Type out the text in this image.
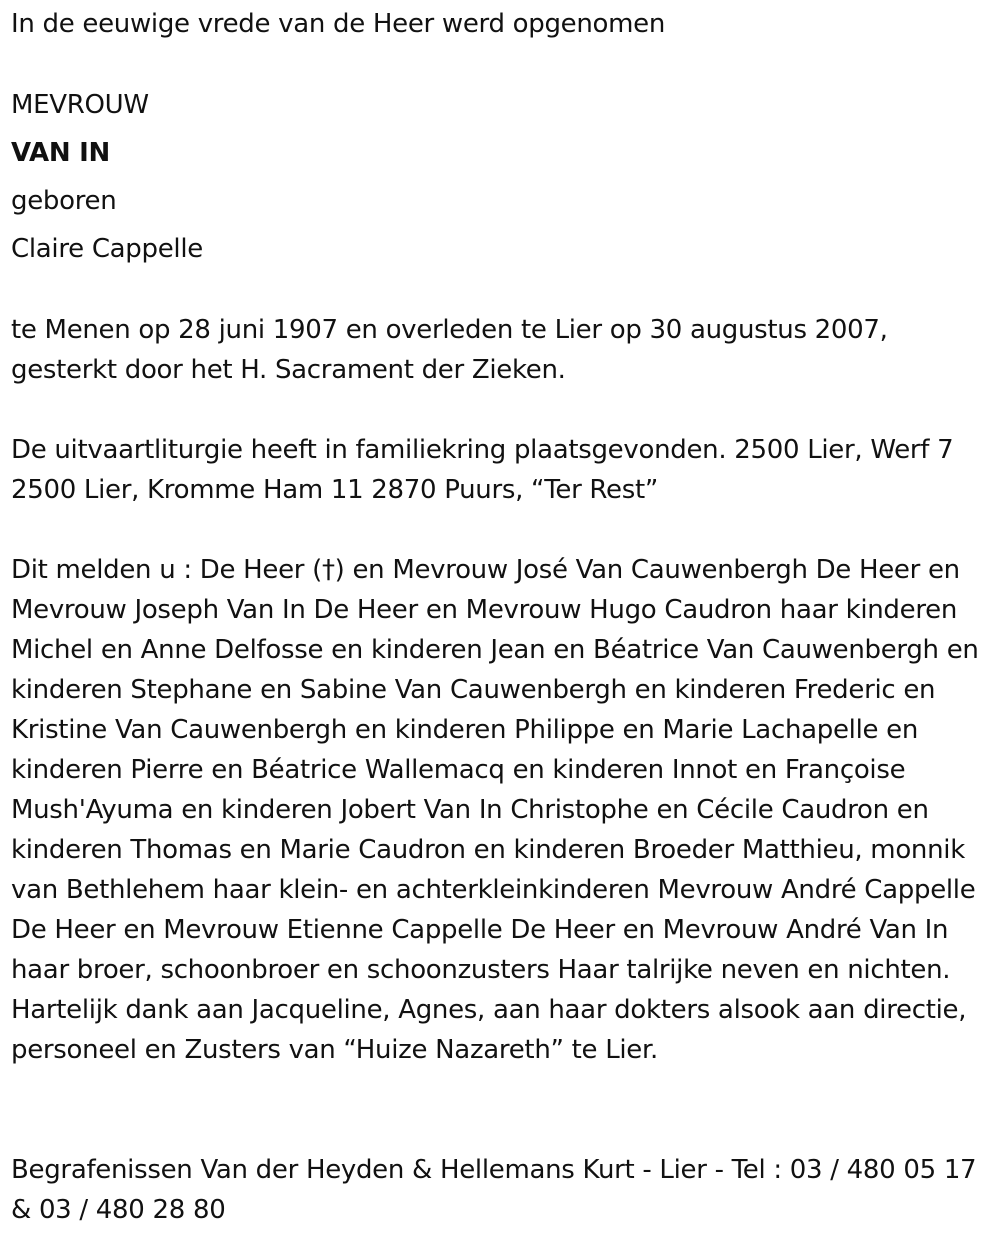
In de eeuwige vrede van de Heer werd opgenomen
MEVROUW
VAN IN
geboren
Claire Cappelle
te Menen op 28 juni 1907 en overleden te Lier op 30 augustus 2007, gesterkt door het H. Sacrament der Zieken.
De uitvaartliturgie heeft in familiekring plaatsgevonden. 2500 Lier, Werf 7 2500 Lier, Kromme Ham 11 2870 Puurs, “Ter Rest”
Dit melden u : De Heer (†) en Mevrouw José Van Cauwenbergh De Heer en Mevrouw Joseph Van In De Heer en Mevrouw Hugo Caudron haar kinderen Michel en Anne Delfosse en kinderen Jean en Béatrice Van Cauwenbergh en kinderen Stephane en Sabine Van Cauwenbergh en kinderen Frederic en Kristine Van Cauwenbergh en kinderen Philippe en Marie Lachapelle en kinderen Pierre en Béatrice Wallemacq en kinderen Innot en Françoise Mush'Ayuma en kinderen Jobert Van In Christophe en Cécile Caudron en kinderen Thomas en Marie Caudron en kinderen Broeder Matthieu, monnik van Bethlehem haar klein- en achterkleinkinderen Mevrouw André Cappelle De Heer en Mevrouw Etienne Cappelle De Heer en Mevrouw André Van In haar broer, schoonbroer en schoonzusters Haar talrijke neven en nichten. Hartelijk dank aan Jacqueline, Agnes, aan haar dokters alsook aan directie, personeel en Zusters van “Huize Nazareth” te Lier.
Begrafenissen Van der Heyden & Hellemans Kurt - Lier - Tel : 03 / 480 05 17 & 03 / 480 28 80
